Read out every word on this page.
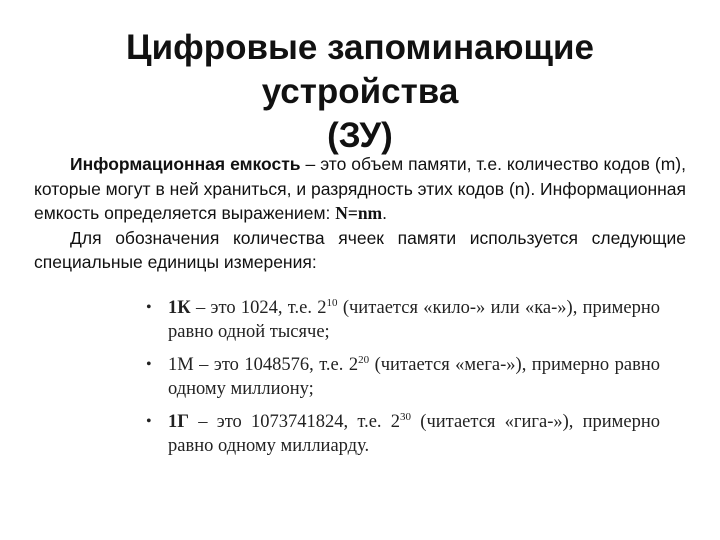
Цифровые запоминающие устройства
(ЗУ)

Информационная емкость – это объем памяти, т.е. количество кодов (m), которые могут в ней храниться, и разрядность этих кодов (n). Информационная емкость определяется выражением: N=nm.

Для обозначения количества ячеек памяти используется следующие специальные единицы измерения:

• 1К – это 1024, т.е. $2^{10}$ (читается «кило-» или «ка-»), примерно равно одной тысяче;
• 1М – это 1048576, т.е. $2^{20}$ (читается «мега-»), примерно равно одному миллиону;
• 1Г – это 1073741824, т.е. $2^{30}$ (читается «гига-»), примерно равно одному миллиарду.
